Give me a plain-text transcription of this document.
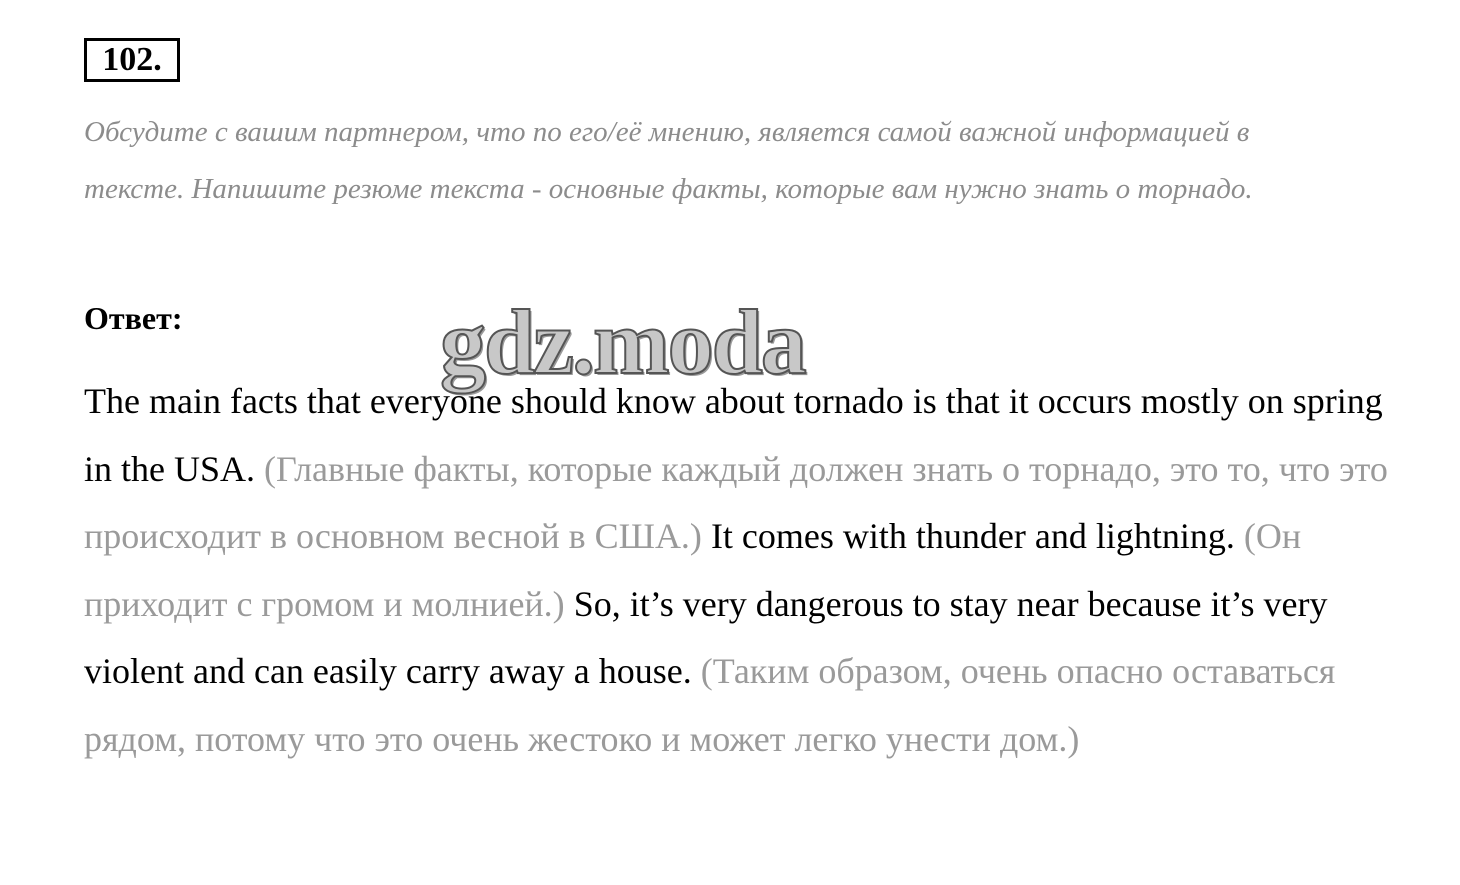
102.

Обсудите с вашим партнером, что по его/её мнению, является самой важной информацией в тексте. Напишите резюме текста - основные факты, которые вам нужно знать о торнадо.

Ответ:

The main facts that everyone should know about tornado is that it occurs mostly on spring in the USA. (Главные факты, которые каждый должен знать о торнадо, это то, что это происходит в основном весной в США.) It comes with thunder and lightning. (Он приходит с громом и молнией.) So, it’s very dangerous to stay near because it’s very violent and can easily carry away a house. (Таким образом, очень опасно оставаться рядом, потому что это очень жестоко и может легко унести дом.)

gdz.moda
